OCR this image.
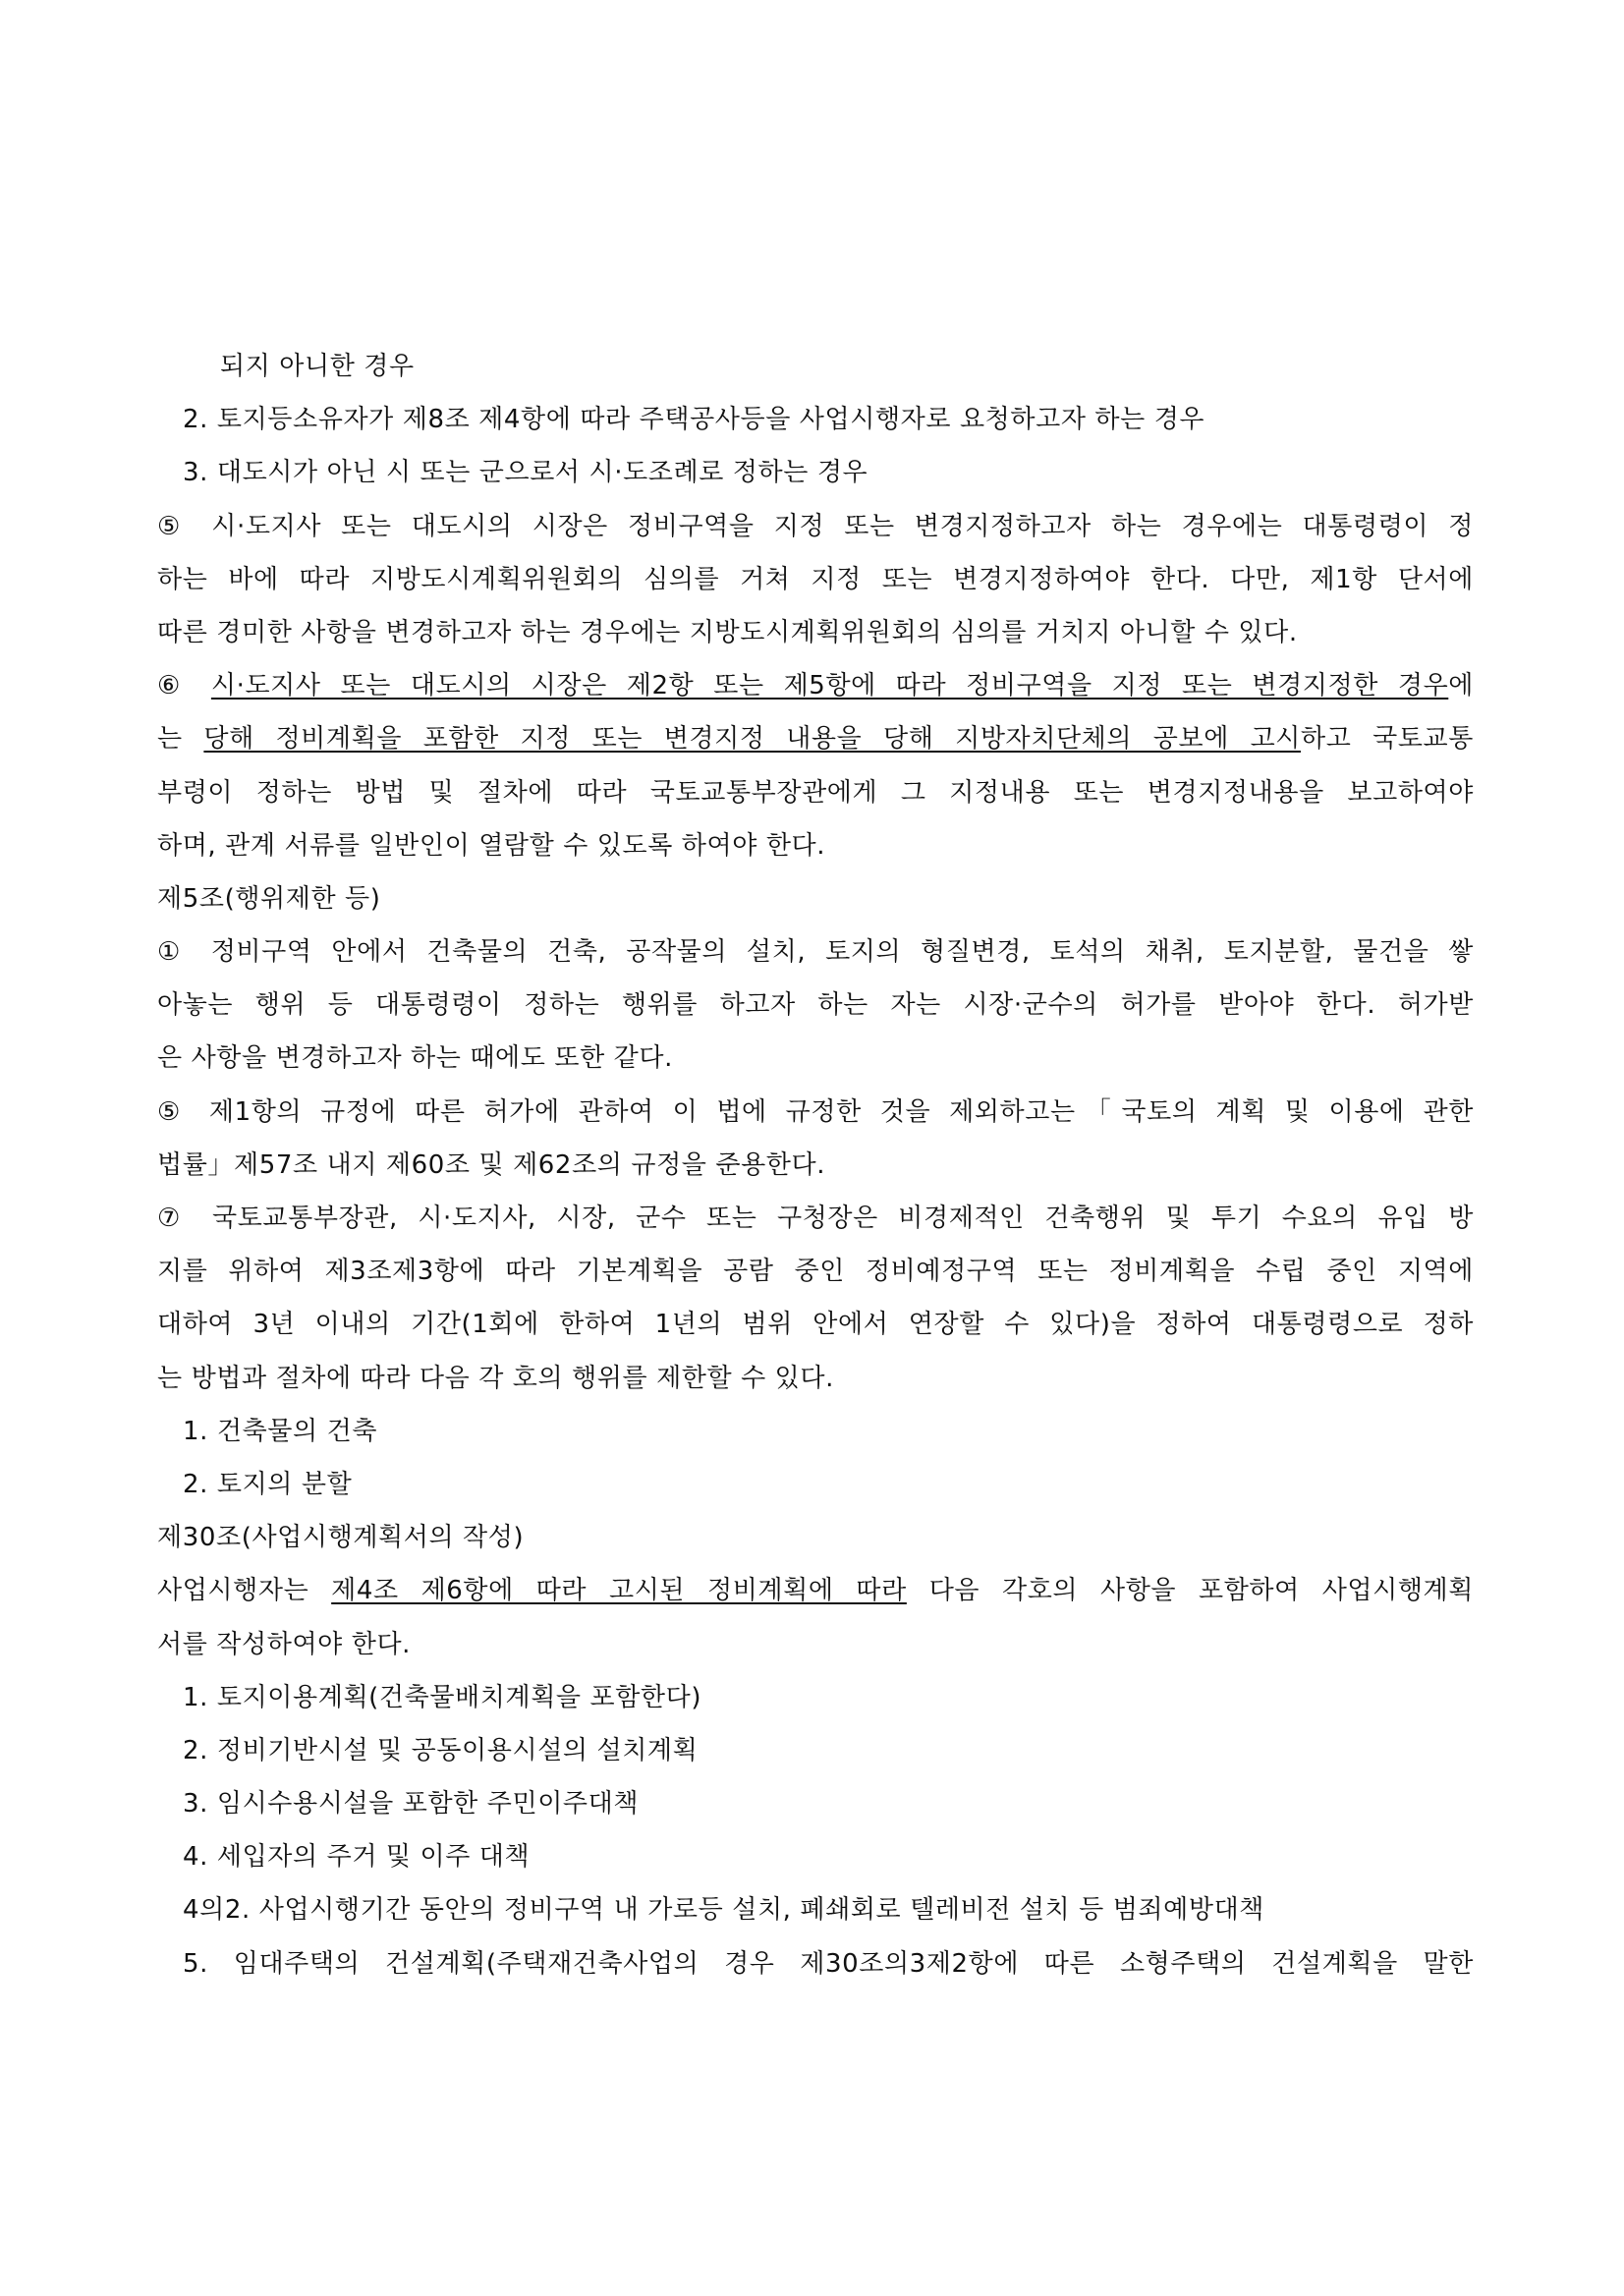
되지 아니한 경우
2. 토지등소유자가 제8조 제4항에 따라 주택공사등을 사업시행자로 요청하고자 하는 경우
3. 대도시가 아닌 시 또는 군으로서 시·도조례로 정하는 경우
⑤ 시·도지사 또는 대도시의 시장은 정비구역을 지정 또는 변경지정하고자 하는 경우에는 대통령령이 정
하는 바에 따라 지방도시계획위원회의 심의를 거쳐 지정 또는 변경지정하여야 한다. 다만, 제1항 단서에
따른 경미한 사항을 변경하고자 하는 경우에는 지방도시계획위원회의 심의를 거치지 아니할 수 있다.
⑥ 시·도지사 또는 대도시의 시장은 제2항 또는 제5항에 따라 정비구역을 지정 또는 변경지정한 경우에
는 당해 정비계획을 포함한 지정 또는 변경지정 내용을 당해 지방자치단체의 공보에 고시하고 국토교통
부령이 정하는 방법 및 절차에 따라 국토교통부장관에게 그 지정내용 또는 변경지정내용을 보고하여야
하며, 관계 서류를 일반인이 열람할 수 있도록 하여야 한다.
제5조(행위제한 등)
① 정비구역 안에서 건축물의 건축, 공작물의 설치, 토지의 형질변경, 토석의 채취, 토지분할, 물건을 쌓
아놓는 행위 등 대통령령이 정하는 행위를 하고자 하는 자는 시장·군수의 허가를 받아야 한다. 허가받
은 사항을 변경하고자 하는 때에도 또한 같다.
⑤ 제1항의 규정에 따른 허가에 관하여 이 법에 규정한 것을 제외하고는「국토의 계획 및 이용에 관한
법률」제57조 내지 제60조 및 제62조의 규정을 준용한다.
⑦ 국토교통부장관, 시·도지사, 시장, 군수 또는 구청장은 비경제적인 건축행위 및 투기 수요의 유입 방
지를 위하여 제3조제3항에 따라 기본계획을 공람 중인 정비예정구역 또는 정비계획을 수립 중인 지역에
대하여 3년 이내의 기간(1회에 한하여 1년의 범위 안에서 연장할 수 있다)을 정하여 대통령령으로 정하
는 방법과 절차에 따라 다음 각 호의 행위를 제한할 수 있다.
1. 건축물의 건축
2. 토지의 분할
제30조(사업시행계획서의 작성)
사업시행자는 제4조 제6항에 따라 고시된 정비계획에 따라 다음 각호의 사항을 포함하여 사업시행계획
서를 작성하여야 한다.
1. 토지이용계획(건축물배치계획을 포함한다)
2. 정비기반시설 및 공동이용시설의 설치계획
3. 임시수용시설을 포함한 주민이주대책
4. 세입자의 주거 및 이주 대책
4의2. 사업시행기간 동안의 정비구역 내 가로등 설치, 폐쇄회로 텔레비전 설치 등 범죄예방대책
5. 임대주택의 건설계획(주택재건축사업의 경우 제30조의3제2항에 따른 소형주택의 건설계획을 말한
